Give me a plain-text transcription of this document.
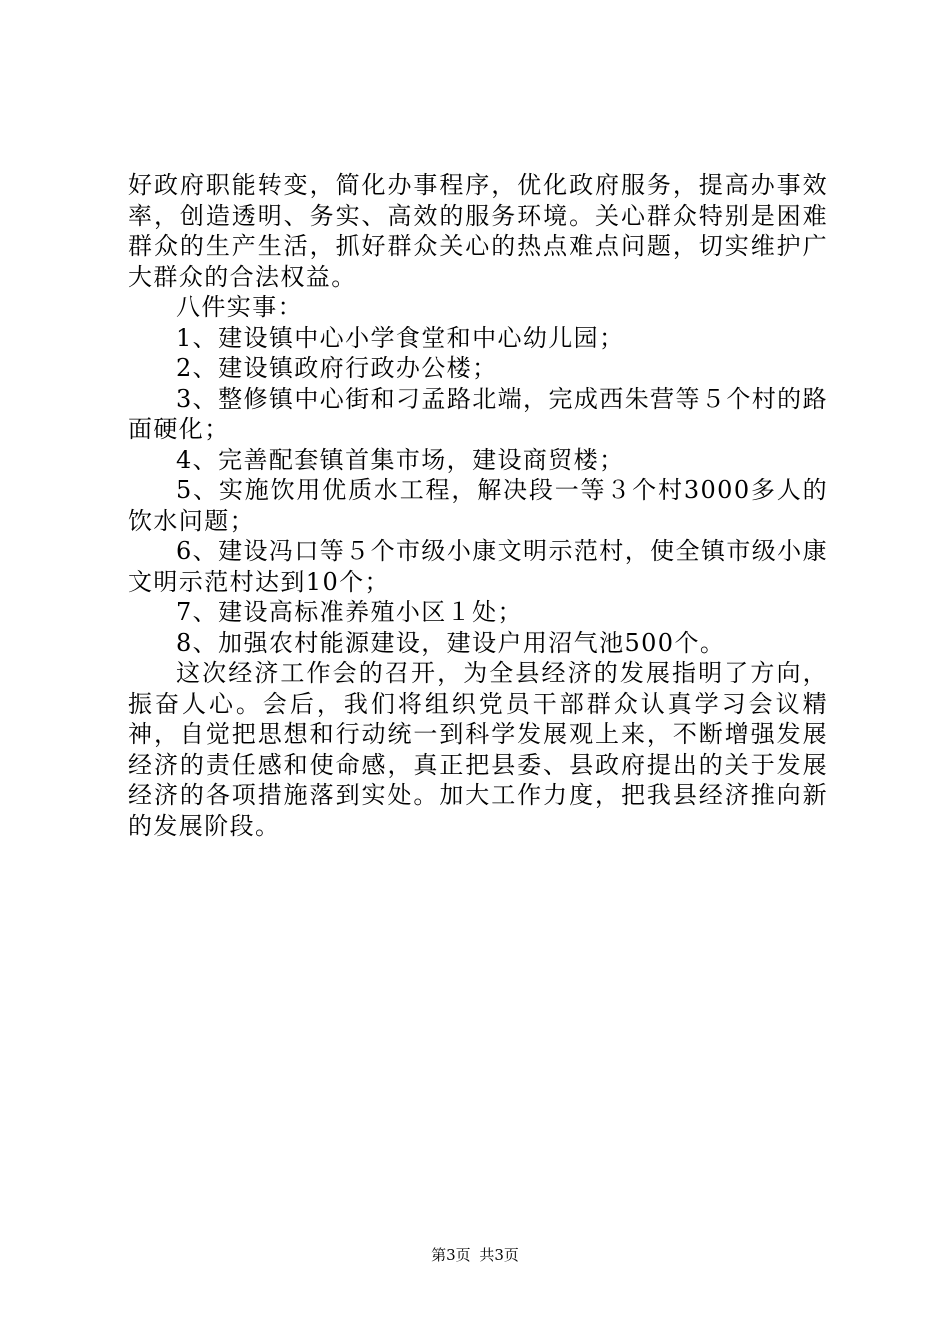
好政府职能转变，简化办事程序，优化政府服务，提高办事效率，创造透明、务实、高效的服务环境。关心群众特别是困难群众的生产生活，抓好群众关心的热点难点问题，切实维护广大群众的合法权益。

八件实事：

1、建设镇中心小学食堂和中心幼儿园；

2、建设镇政府行政办公楼；

3、整修镇中心街和刁孟路北端，完成西朱营等５个村的路面硬化；

4、完善配套镇首集市场，建设商贸楼；

5、实施饮用优质水工程，解决段一等３个村3000多人的饮水问题；

6、建设冯口等５个市级小康文明示范村，使全镇市级小康文明示范村达到10个；

7、建设高标准养殖小区１处；

8、加强农村能源建设，建设户用沼气池500个。

这次经济工作会的召开，为全县经济的发展指明了方向，振奋人心。会后，我们将组织党员干部群众认真学习会议精神，自觉把思想和行动统一到科学发展观上来，不断增强发展经济的责任感和使命感，真正把县委、县政府提出的关于发展经济的各项措施落到实处。加大工作力度，把我县经济推向新的发展阶段。

第3页 共3页
